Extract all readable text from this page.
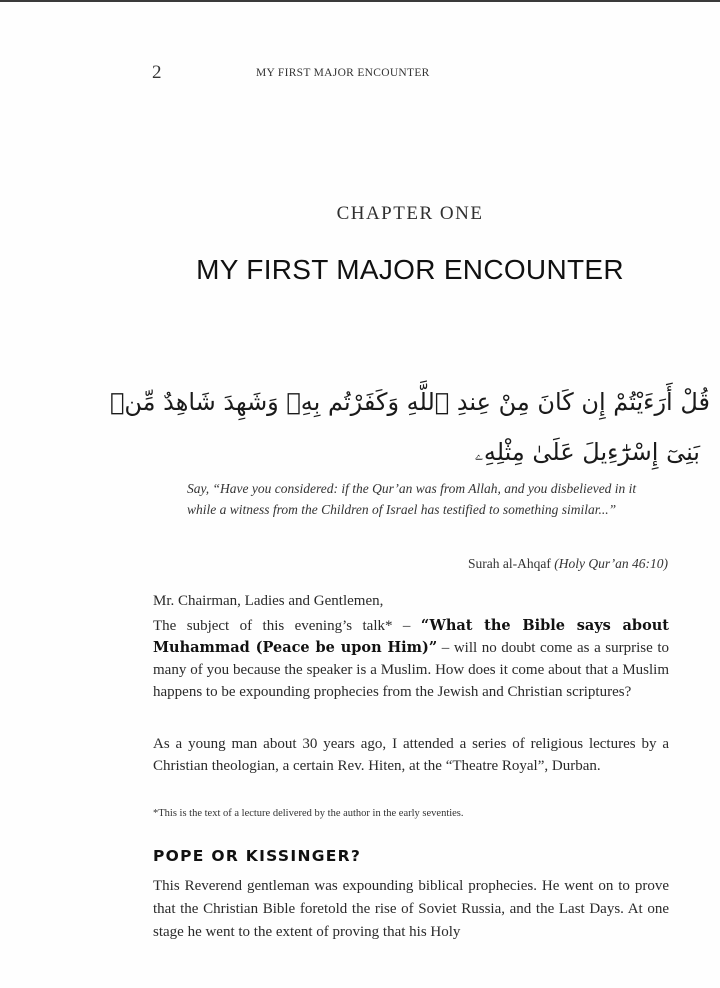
2	MY FIRST MAJOR ENCOUNTER
CHAPTER ONE
MY FIRST MAJOR ENCOUNTER
قُلْ أَرَءَيْتُمْ إِن كَانَ مِنْ عِندِ ٱللَّهِ وَكَفَرْتُم بِهِۦ وَشَهِدَ شَاهِدٌ مِّنۢ
بَنِىٓ إِسْرَٰٓءِيلَ عَلَىٰ مِثْلِهِۦ
Say, “Have you considered: if the Qur’an was from Allah, and you disbelieved in it while a witness from the Children of Israel has testified to something similar...”
Surah al-Ahqaf (Holy Qur’an 46:10)
Mr. Chairman, Ladies and Gentlemen,
The subject of this evening’s talk* – “What the Bible says about Muhammad (Peace be upon Him)” – will no doubt come as a surprise to many of you because the speaker is a Muslim. How does it come about that a Muslim happens to be expounding prophecies from the Jewish and Christian scriptures?
As a young man about 30 years ago, I attended a series of religious lectures by a Christian theologian, a certain Rev. Hiten, at the “Theatre Royal”, Durban.
*This is the text of a lecture delivered by the author in the early seventies.
POPE OR KISSINGER?
This Reverend gentleman was expounding biblical prophecies. He went on to prove that the Christian Bible foretold the rise of Soviet Russia, and the Last Days. At one stage he went to the extent of proving that his Holy
